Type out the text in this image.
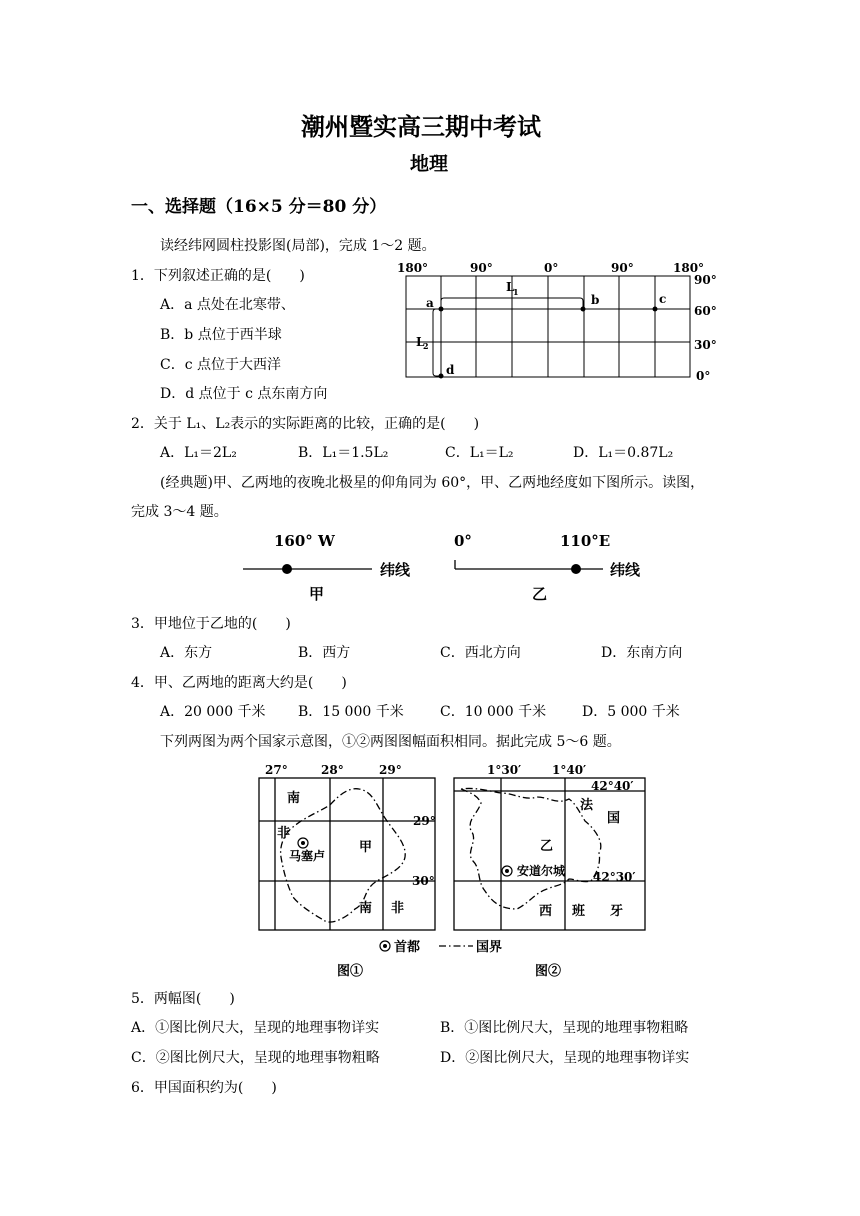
潮州暨实高三期中考试
地理
一、选择题（16×5 分＝80 分）
读经纬网圆柱投影图(局部)，完成 1～2 题。
1．下列叙述正确的是(　　)
A．a 点处在北寒带、
B．b 点位于西半球
C．c 点位于大西洋
D．d 点位于 c 点东南方向
180°	90°	0°	90°	180°
90°
60°
30°
0°
a	b	c
d
L
1
L
2
2．关于 L₁、L₂表示的实际距离的比较，正确的是(　　)
A．L₁＝2L₂	B．L₁＝1.5L₂	C．L₁＝L₂	D．L₁＝0.87L₂
(经典题)甲、乙两地的夜晚北极星的仰角同为 60°，甲、乙两地经度如下图所示。读图，
完成 3～4 题。
160° W	0°	110°E
纬线	纬线
甲	乙
3．甲地位于乙地的(　　)
A．东方	B．西方	C．西北方向	D．东南方向
4．甲、乙两地的距离大约是(　　)
A．20 000 千米 B．15 000 千米	C．10 000 千米	D．5 000 千米
下列两图为两个国家示意图，①②两图图幅面积相同。据此完成 5～6 题。
27°	28°	29°
29°
30°
南
非
甲
南 非
马塞卢
1°30′	1°40′
42°40′
42°30′
法
国
乙
西 班 牙
安道尔城
首都	国界
图①	图②
5．两幅图(　　)
A．①图比例尺大，呈现的地理事物详实	B．①图比例尺大，呈现的地理事物粗略
C．②图比例尺大，呈现的地理事物粗略	D．②图比例尺大，呈现的地理事物详实
6．甲国面积约为(　　)
